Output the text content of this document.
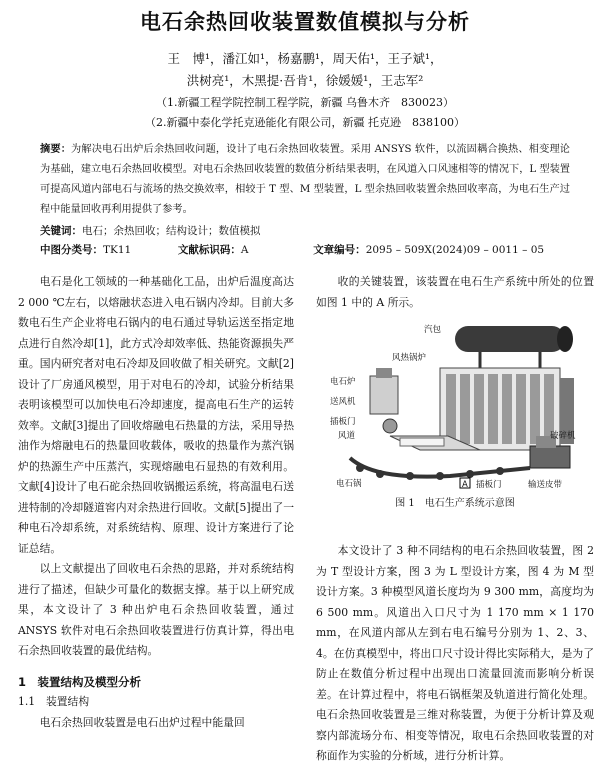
电石余热回收装置数值模拟与分析
王　博¹，潘江如¹，杨嘉鹏¹，周天佑¹，王子斌¹，
洪树亮¹，木黑提·吾肯¹，徐媛媛¹，王志军²
（1.新疆工程学院控制工程学院，新疆 乌鲁木齐　830023）
（2.新疆中泰化学托克逊能化有限公司，新疆 托克逊　838100）
摘要：为解决电石出炉后余热回收问题，设计了电石余热回收装置。采用 ANSYS 软件，以流固耦合换热、相变理论为基础，建立电石余热回收模型。对电石余热回收装置的数值分析结果表明，在风道入口风速相等的情况下，L 型装置可提高风道内部电石与流场的热交换效率，相较于 T 型、M 型装置，L 型余热回收装置余热回收率高，为电石生产过程中能量回收再利用提供了参考。
关键词：电石；余热回收；结构设计；数值模拟
中图分类号：TK11	文献标识码：A	文章编号：2095 – 509X(2024)09 – 0011 – 05

电石是化工领域的一种基础化工品，出炉后温度高达 2 000 ℃左右，以熔融状态进入电石锅内冷却。目前大多数电石生产企业将电石锅内的电石通过导轨运送至指定地点进行自然冷却[1]，此方式冷却效率低、热能资源损失严重。国内研究者对电石冷却及回收做了相关研究。文献[2]设计了厂房通风模型，用于对电石的冷却，试验分析结果表明该模型可以加快电石冷却速度，提高电石生产的运转效率。文献[3]提出了回收熔融电石热量的方法，采用导热油作为熔融电石的热量回收载体，吸收的热量作为蒸汽锅炉的热源生产中压蒸汽，实现熔融电石显热的有效利用。文献[4]设计了电石砣余热回收锅搬运系统，将高温电石送进特制的冷却隧道窖内对余热进行回收。文献[5]提出了一种电石冷却系统，对系统结构、原理、设计方案进行了论证总结。

以上文献提出了回收电石余热的思路，并对系统结构进行了描述，但缺少可量化的数据支撑。基于以上研究成果，本文设计了 3 种出炉电石余热回收装置，通过 ANSYS 软件对电石余热回收装置进行仿真计算，得出电石余热回收装置的最优结构。

1　装置结构及模型分析
1.1　装置结构

电石余热回收装置是电石出炉过程中能量回

收的关键装置，该装置在电石生产系统中所处的位置如图 1 中的 A 所示。

本文设计了 3 种不同结构的电石余热回收装置，图 2 为 T 型设计方案，图 3 为 L 型设计方案，图 4 为 M 型设计方案。3 种模型风道长度均为 9 300 mm，高度均为 6 500 mm。风道出入口尺寸为 1 170 mm × 1 170 mm，在风道内部从左到右电石编号分别为 1、2、3、4。在仿真模型中，将出口尺寸设计得比实际稍大，是为了防止在数值分析过程中出现出口流量回流而影响分析误差。在计算过程中，将电石锅框架及轨道进行简化处理。电石余热回收装置是三维对称装置，为便于分析计算及观察内部流场分布、相变等情况，取电石余热回收装置的对称面作为实验的分析域，进行分析计算。

汽包
风热锅炉
电石炉
送风机
插板门
风道
电石锅
破碎机
A 插板门	输送皮带
图 1　电石生产系统示意图
